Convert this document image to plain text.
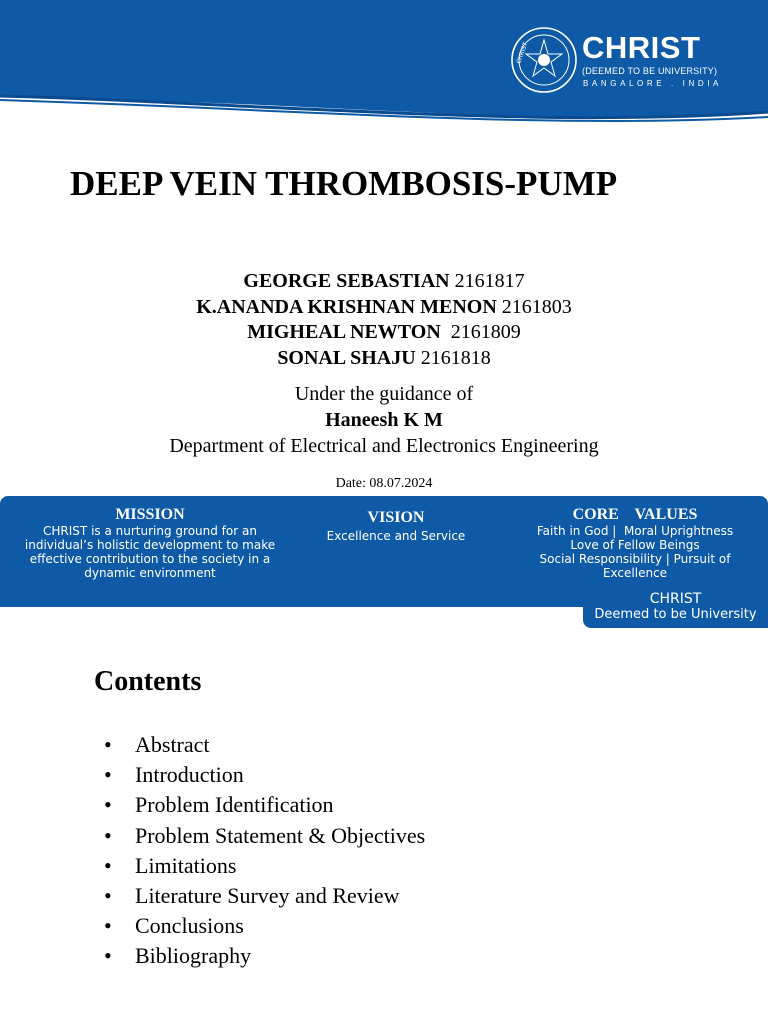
CHRIST CHRIST
(DEEMED TO BE UNIVERSITY)
BANGALORE . INDIA
DEEP VEIN THROMBOSIS-PUMP
GEORGE SEBASTIAN 2161817
K.ANANDA KRISHNAN MENON 2161803
MIGHEAL NEWTON  2161809
SONAL SHAJU 2161818
Under the guidance of
Haneesh K M
Department of Electrical and Electronics Engineering
Date: 08.07.2024
MISSION

CHRIST is a nurturing ground for an individual’s holistic development to make effective contribution to the society in a dynamic environment

VISION

Excellence and Service

CORE    VALUES

Faith in God |  Moral Uprightness

Love of Fellow Beings

Social Responsibility | Pursuit of

Excellence

CHRIST
Deemed to be University
Contents
• Abstract
• Introduction
• Problem Identification
• Problem Statement & Objectives
• Limitations
• Literature Survey and Review
• Conclusions
• Bibliography
